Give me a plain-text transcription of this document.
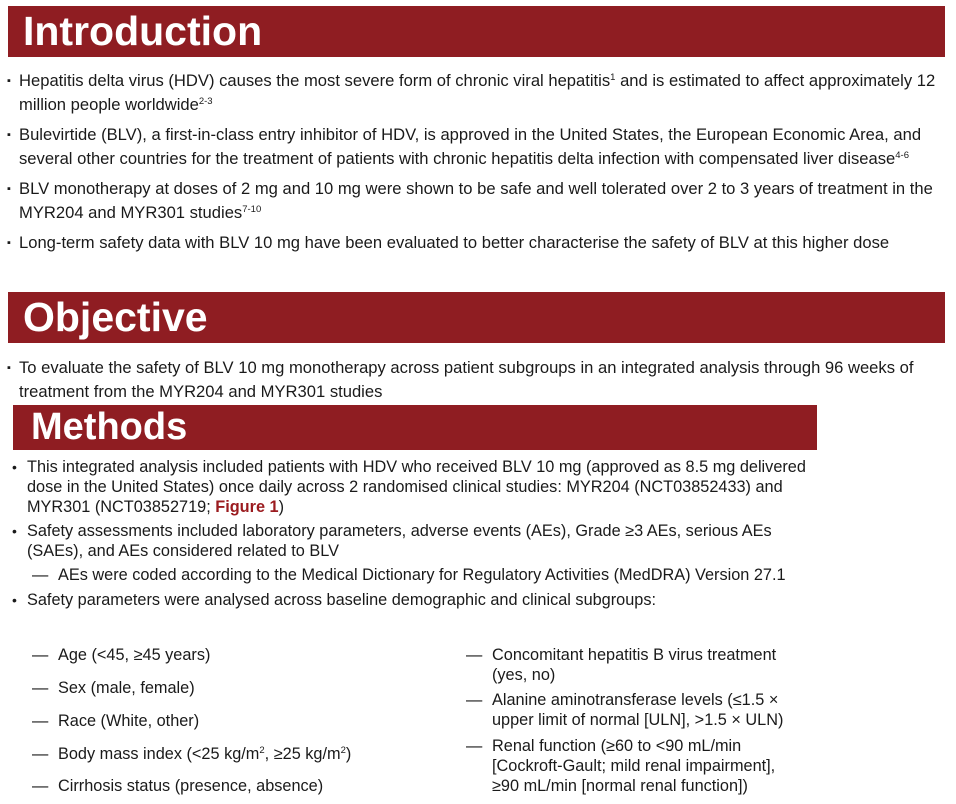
Introduction
▪ Hepatitis delta virus (HDV) causes the most severe form of chronic viral hepatitis$^1$ and is estimated to affect approximately 12 million people worldwide$^{2-3}$
▪ Bulevirtide (BLV), a first-in-class entry inhibitor of HDV, is approved in the United States, the European Economic Area, and several other countries for the treatment of patients with chronic hepatitis delta infection with compensated liver disease$^{4-6}$
▪ BLV monotherapy at doses of 2 mg and 10 mg were shown to be safe and well tolerated over 2 to 3 years of treatment in the MYR204 and MYR301 studies$^{7-10}$
▪ Long-term safety data with BLV 10 mg have been evaluated to better characterise the safety of BLV at this higher dose
Objective
▪ To evaluate the safety of BLV 10 mg monotherapy across patient subgroups in an integrated analysis through 96 weeks of treatment from the MYR204 and MYR301 studies
Methods
• This integrated analysis included patients with HDV who received BLV 10 mg (approved as 8.5 mg delivered dose in the United States) once daily across 2 randomised clinical studies: MYR204 (NCT03852433) and MYR301 (NCT03852719; Figure 1)
• Safety assessments included laboratory parameters, adverse events (AEs), Grade ≥3 AEs, serious AEs (SAEs), and AEs considered related to BLV
— AEs were coded according to the Medical Dictionary for Regulatory Activities (MedDRA) Version 27.1
• Safety parameters were analysed across baseline demographic and clinical subgroups:
— Age (<45, ≥45 years)
— Sex (male, female)
— Race (White, other)
— Body mass index (<25 $kg/m^2$, ≥25 $kg/m^2$)
— Cirrhosis status (presence, absence)
— Concomitant hepatitis B virus treatment
(yes, no)
— Alanine aminotransferase levels (≤1.5 ×
upper limit of normal [ULN], >1.5 × ULN)
— Renal function (≥60 to <90 mL/min
[Cockroft-Gault; mild renal impairment],
≥90 mL/min [normal renal function])
